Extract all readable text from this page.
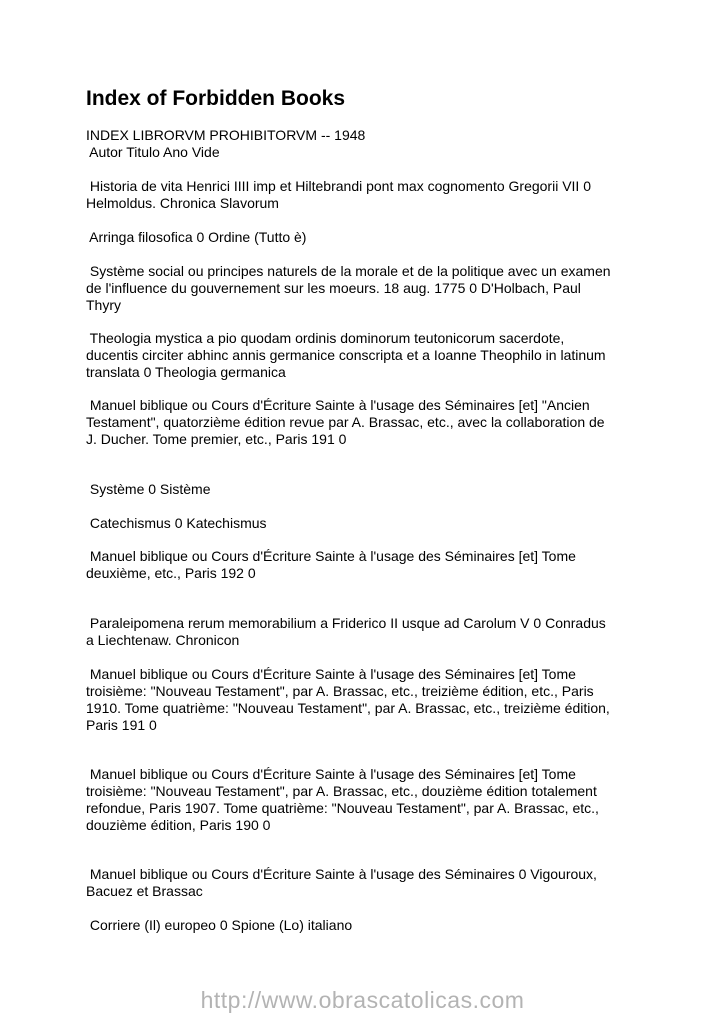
Index of Forbidden Books
INDEX LIBRORVM PROHIBITORVM -- 1948
Autor Titulo Ano Vide
Historia de vita Henrici IIII imp et Hiltebrandi pont max cognomento Gregorii VII 0
Helmoldus. Chronica Slavorum
Arringa filosofica 0 Ordine (Tutto è)
Système social ou principes naturels de la morale et de la politique avec un examen
de l'influence du gouvernement sur les moeurs. 18 aug. 1775 0 D'Holbach, Paul
Thyry
Theologia mystica a pio quodam ordinis dominorum teutonicorum sacerdote,
ducentis circiter abhinc annis germanice conscripta et a Ioanne Theophilo in latinum
translata 0 Theologia germanica
Manuel biblique ou Cours d'Écriture Sainte à l'usage des Séminaires [et] "Ancien
Testament", quatorzième édition revue par A. Brassac, etc., avec la collaboration de
J. Ducher. Tome premier, etc., Paris 191 0
Système 0 Sistème
Catechismus 0 Katechismus
Manuel biblique ou Cours d'Écriture Sainte à l'usage des Séminaires [et] Tome
deuxième, etc., Paris 192 0
Paraleipomena rerum memorabilium a Friderico II usque ad Carolum V 0 Conradus
a Liechtenaw. Chronicon
Manuel biblique ou Cours d'Écriture Sainte à l'usage des Séminaires [et] Tome
troisième: "Nouveau Testament", par A. Brassac, etc., treizième édition, etc., Paris
1910. Tome quatrième: "Nouveau Testament", par A. Brassac, etc., treizième édition,
Paris 191 0
Manuel biblique ou Cours d'Écriture Sainte à l'usage des Séminaires [et] Tome
troisième: "Nouveau Testament", par A. Brassac, etc., douzième édition totalement
refondue, Paris 1907. Tome quatrième: "Nouveau Testament", par A. Brassac, etc.,
douzième édition, Paris 190 0
Manuel biblique ou Cours d'Écriture Sainte à l'usage des Séminaires 0 Vigouroux,
Bacuez et Brassac
Corriere (Il) europeo 0 Spione (Lo) italiano
http://www.obrascatolicas.com
